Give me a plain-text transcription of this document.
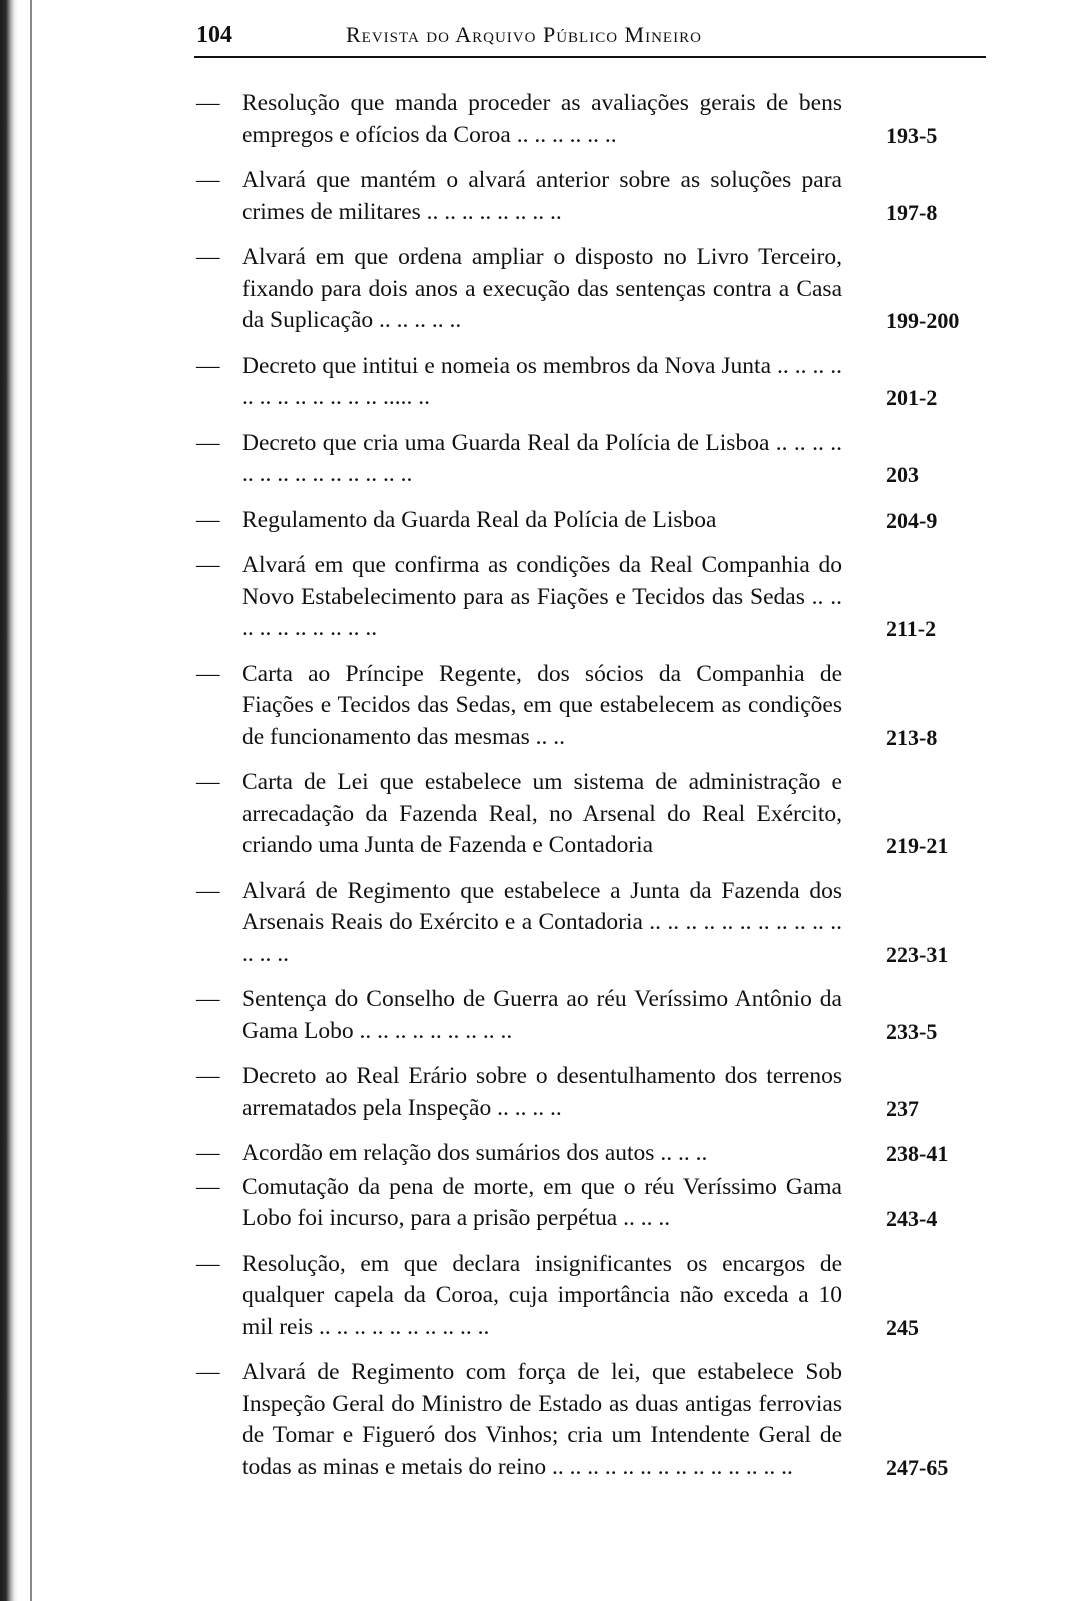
104	Revista do Arquivo Público Mineiro
— Resolução que manda proceder as avaliações gerais de bens empregos e ofícios da Coroa .. .. .. .. .. ..	193-5
— Alvará que mantém o alvará anterior sobre as soluções para crimes de militares .. .. .. .. .. .. .. ..	197-8
— Alvará em que ordena ampliar o disposto no Livro Terceiro, fixando para dois anos a execução das sentenças contra a Casa da Suplicação .. .. .. .. ..	199-200
— Decreto que intitui e nomeia os membros da Nova Junta .. .. .. .. .. .. .. .. .. .. .. .. ..... ..	201-2
— Decreto que cria uma Guarda Real da Polícia de Lisboa .. .. .. .. .. .. .. .. .. .. .. .. .. ..	203
— Regulamento da Guarda Real da Polícia de Lisboa	204-9
— Alvará em que confirma as condições da Real Companhia do Novo Estabelecimento para as Fiações e Tecidos das Sedas .. .. .. .. .. .. .. .. .. ..	211-2
— Carta ao Príncipe Regente, dos sócios da Companhia de Fiações e Tecidos das Sedas, em que estabelecem as condições de funcionamento das mesmas .. ..	213-8
— Carta de Lei que estabelece um sistema de administração e arrecadação da Fazenda Real, no Arsenal do Real Exército, criando uma Junta de Fazenda e Contadoria	219-21
— Alvará de Regimento que estabelece a Junta da Fazenda dos Arsenais Reais do Exército e a Contadoria .. .. .. .. .. .. .. .. .. .. .. .. .. ..	223-31
— Sentença do Conselho de Guerra ao réu Veríssimo Antônio da Gama Lobo .. .. .. .. .. .. .. .. ..	233-5
— Decreto ao Real Erário sobre o desentulhamento dos terrenos arrematados pela Inspeção .. .. .. ..	237
— Acordão em relação dos sumários dos autos .. .. ..	238-41
— Comutação da pena de morte, em que o réu Veríssimo Gama Lobo foi incurso, para a prisão perpétua .. .. ..	243-4
— Resolução, em que declara insignificantes os encargos de qualquer capela da Coroa, cuja importância não exceda a 10 mil reis .. .. .. .. .. .. .. .. .. ..	245
— Alvará de Regimento com força de lei, que estabelece Sob Inspeção Geral do Ministro de Estado as duas antigas ferrovias de Tomar e Figueró dos Vinhos; cria um Intendente Geral de todas as minas e metais do reino .. .. .. .. .. .. .. .. .. .. .. .. .. ..	247-65
